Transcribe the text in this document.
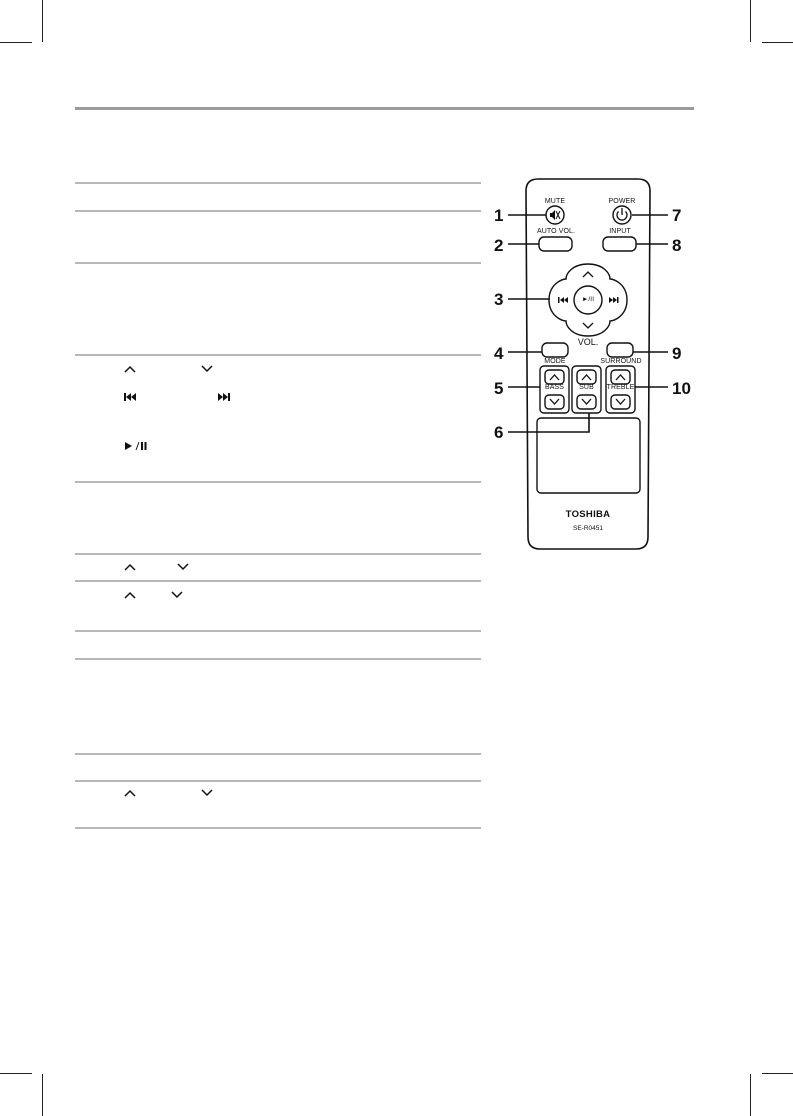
MUTE	POWER
AUTO VOL.	INPUT
►/II
VOL.
MODE	SURROUND
BASS	SUB	TREBLE
TOSHIBA
SE-R0451
1
2
3
4
5
6
7
8
9
10
